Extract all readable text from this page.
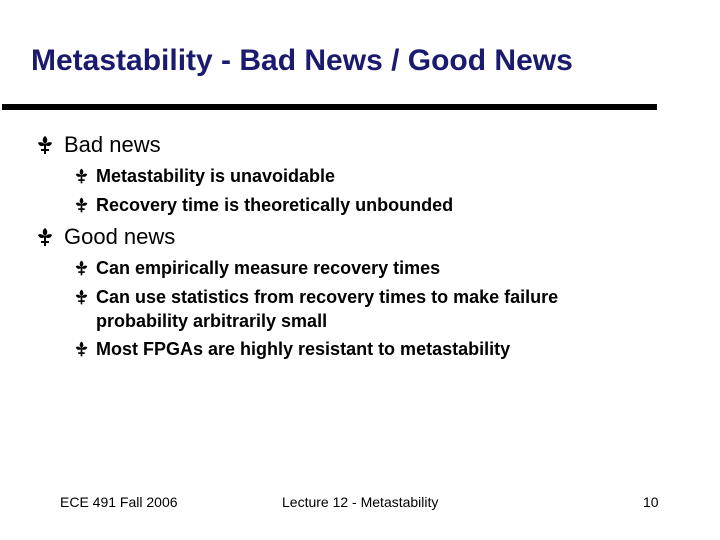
Metastability - Bad News / Good News
Bad news
Metastability is unavoidable
Recovery time is theoretically unbounded
Good news
Can empirically measure recovery times
Can use statistics from recovery times to make failure probability arbitrarily small
Most FPGAs are highly resistant to metastability
ECE 491 Fall 2006	Lecture 12 - Metastability	10
